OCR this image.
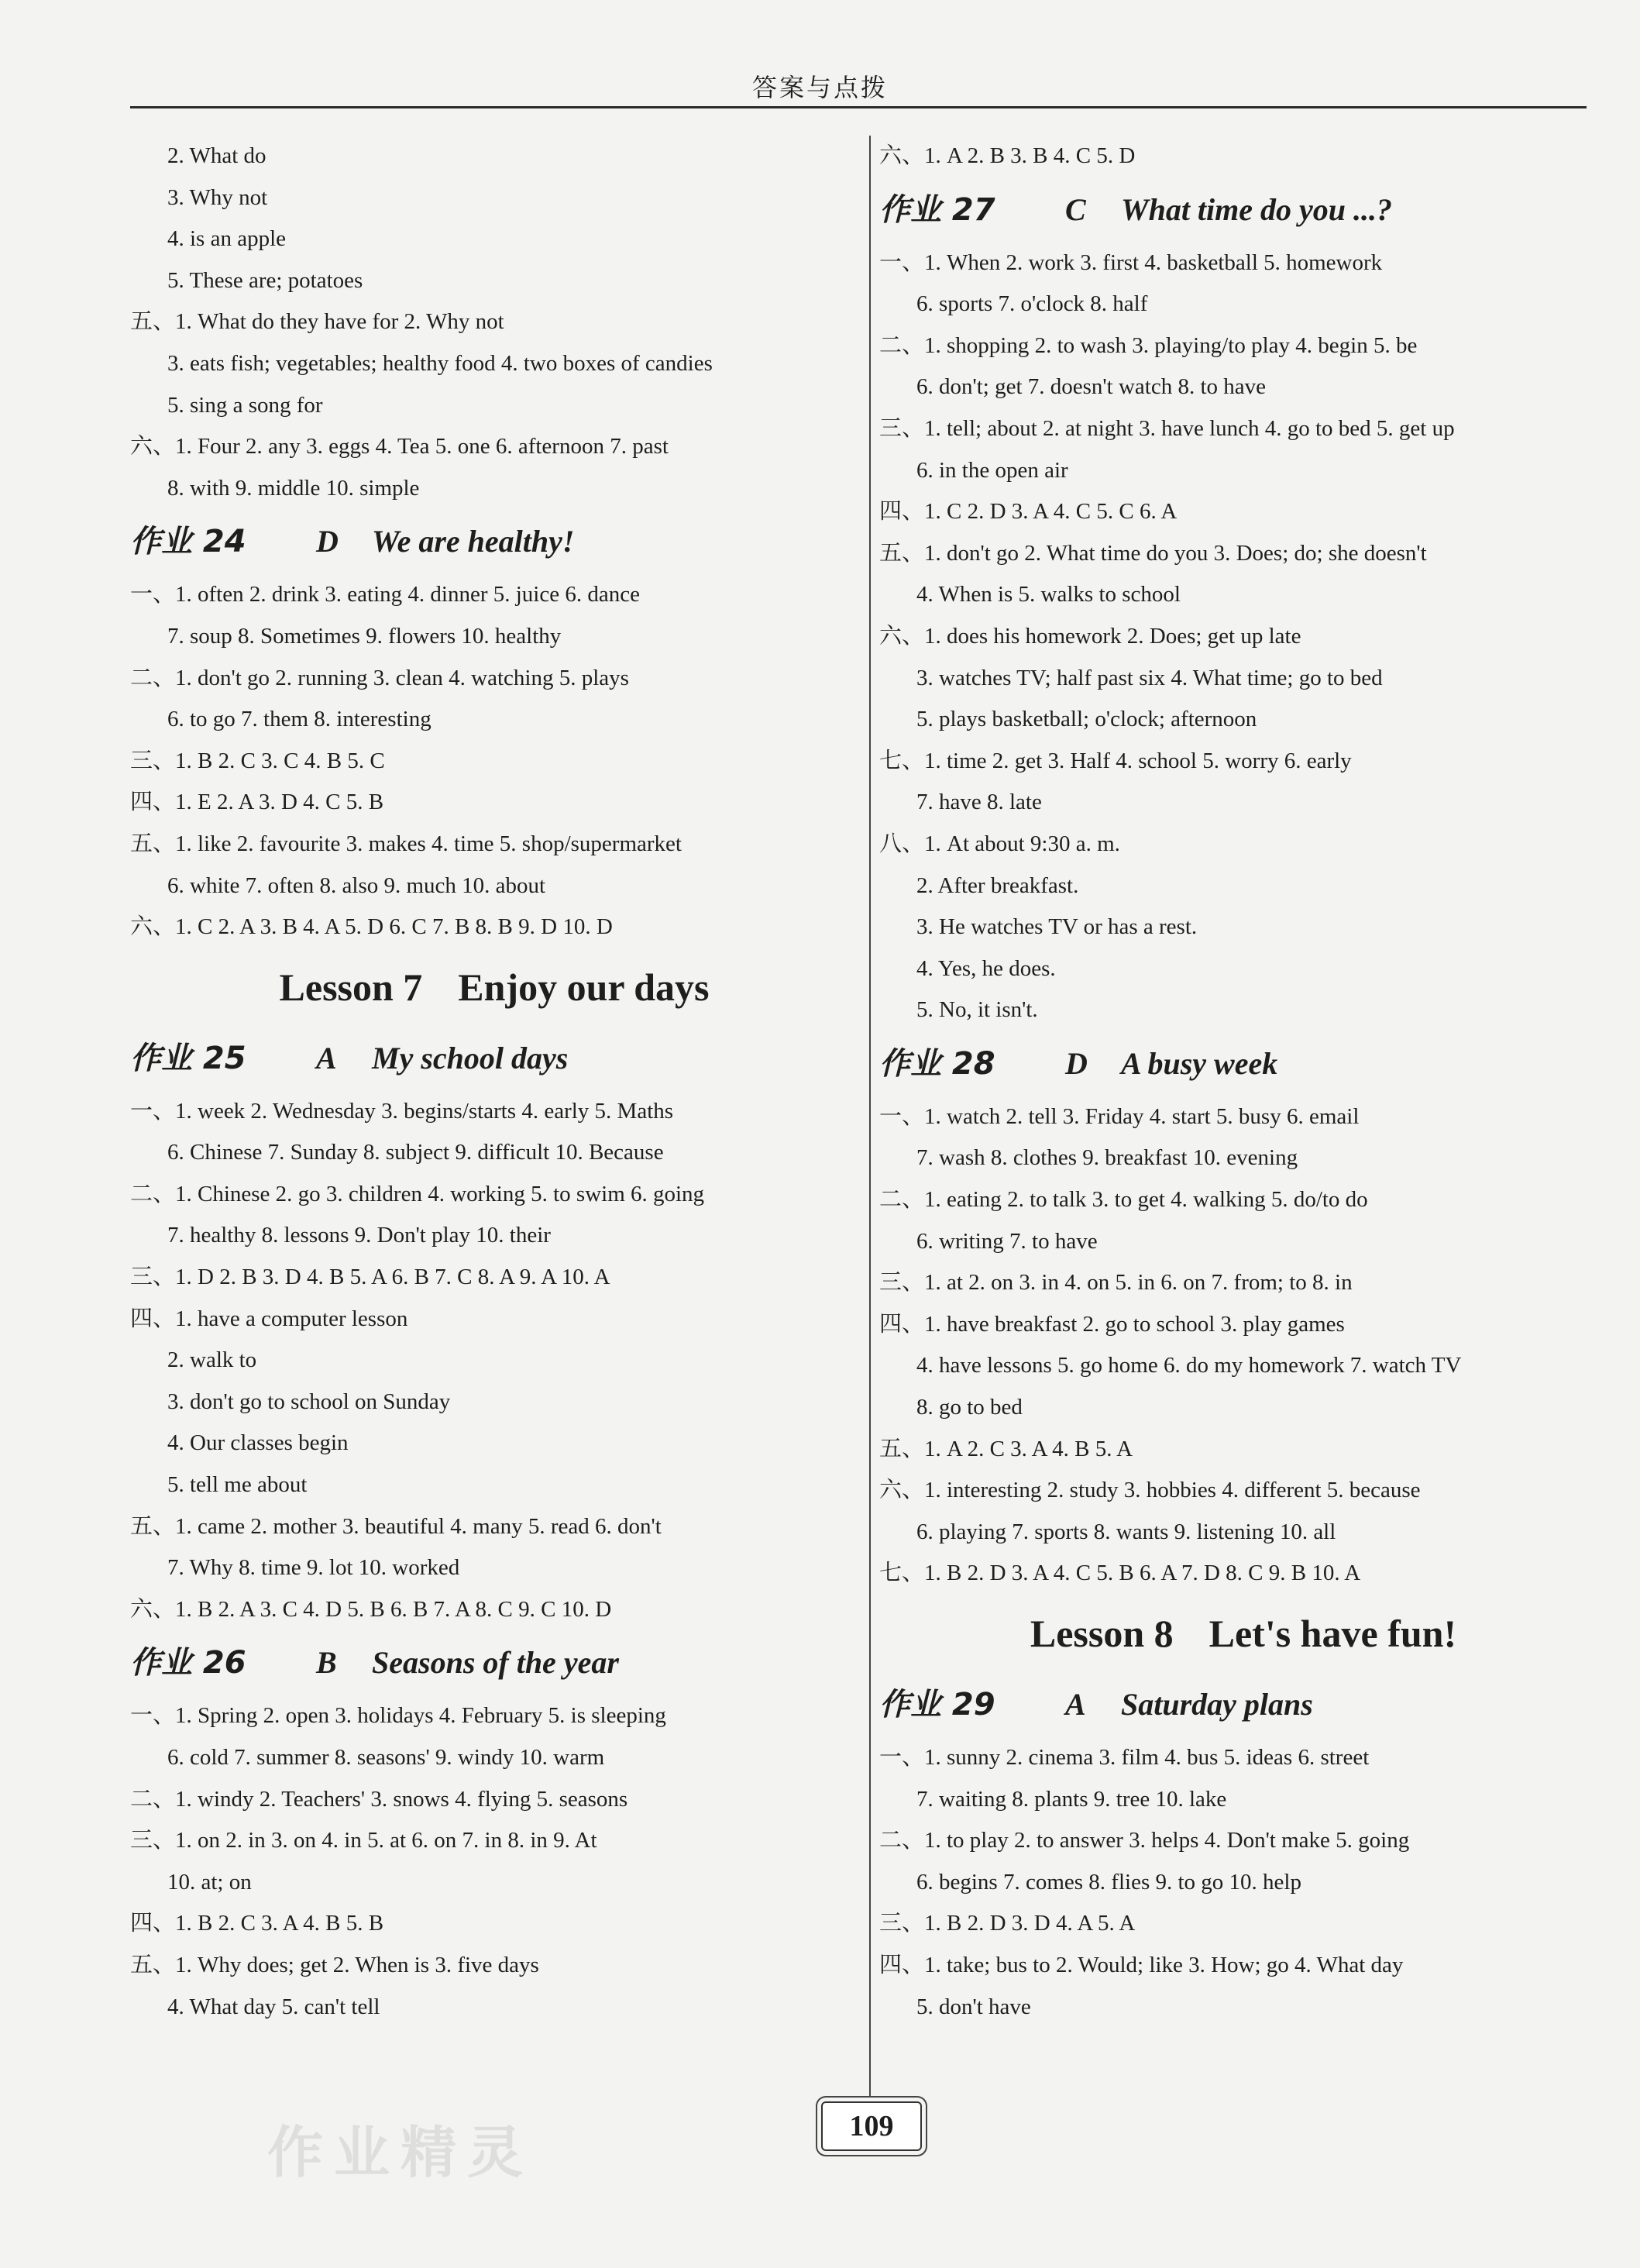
答案与点拨
2. What do
3. Why not
4. is an apple
5. These are; potatoes
五、1. What do they have for 2. Why not
3. eats fish; vegetables; healthy food 4. two boxes of candies
5. sing a song for
六、1. Four 2. any 3. eggs 4. Tea 5. one 6. afternoon 7. past
8. with 9. middle 10. simple
作业 24	D	We are healthy!
一、1. often 2. drink 3. eating 4. dinner 5. juice 6. dance
7. soup 8. Sometimes 9. flowers 10. healthy
二、1. don't go 2. running 3. clean 4. watching 5. plays
6. to go 7. them 8. interesting
三、1. B 2. C 3. C 4. B 5. C
四、1. E 2. A 3. D 4. C 5. B
五、1. like 2. favourite 3. makes 4. time 5. shop/supermarket
6. white 7. often 8. also 9. much 10. about
六、1. C 2. A 3. B 4. A 5. D 6. C 7. B 8. B 9. D 10. D
Lesson 7 Enjoy our days
作业 25	A	My school days
一、1. week 2. Wednesday 3. begins/starts 4. early 5. Maths
6. Chinese 7. Sunday 8. subject 9. difficult 10. Because
二、1. Chinese 2. go 3. children 4. working 5. to swim 6. going
7. healthy 8. lessons 9. Don't play 10. their
三、1. D 2. B 3. D 4. B 5. A 6. B 7. C 8. A 9. A 10. A
四、1. have a computer lesson
2. walk to
3. don't go to school on Sunday
4. Our classes begin
5. tell me about
五、1. came 2. mother 3. beautiful 4. many 5. read 6. don't
7. Why 8. time 9. lot 10. worked
六、1. B 2. A 3. C 4. D 5. B 6. B 7. A 8. C 9. C 10. D
作业 26	B	Seasons of the year
一、1. Spring 2. open 3. holidays 4. February 5. is sleeping
6. cold 7. summer 8. seasons' 9. windy 10. warm
二、1. windy 2. Teachers' 3. snows 4. flying 5. seasons
三、1. on 2. in 3. on 4. in 5. at 6. on 7. in 8. in 9. At
10. at; on
四、1. B 2. C 3. A 4. B 5. B
五、1. Why does; get 2. When is 3. five days
4. What day 5. can't tell
六、1. A 2. B 3. B 4. C 5. D
作业 27	C	What time do you ...?
一、1. When 2. work 3. first 4. basketball 5. homework
6. sports 7. o'clock 8. half
二、1. shopping 2. to wash 3. playing/to play 4. begin 5. be
6. don't; get 7. doesn't watch 8. to have
三、1. tell; about 2. at night 3. have lunch 4. go to bed 5. get up
6. in the open air
四、1. C 2. D 3. A 4. C 5. C 6. A
五、1. don't go 2. What time do you 3. Does; do; she doesn't
4. When is 5. walks to school
六、1. does his homework 2. Does; get up late
3. watches TV; half past six 4. What time; go to bed
5. plays basketball; o'clock; afternoon
七、1. time 2. get 3. Half 4. school 5. worry 6. early
7. have 8. late
八、1. At about 9:30 a. m.
2. After breakfast.
3. He watches TV or has a rest.
4. Yes, he does.
5. No, it isn't.
作业 28	D	A busy week
一、1. watch 2. tell 3. Friday 4. start 5. busy 6. email
7. wash 8. clothes 9. breakfast 10. evening
二、1. eating 2. to talk 3. to get 4. walking 5. do/to do
6. writing 7. to have
三、1. at 2. on 3. in 4. on 5. in 6. on 7. from; to 8. in
四、1. have breakfast 2. go to school 3. play games
4. have lessons 5. go home 6. do my homework 7. watch TV
8. go to bed
五、1. A 2. C 3. A 4. B 5. A
六、1. interesting 2. study 3. hobbies 4. different 5. because
6. playing 7. sports 8. wants 9. listening 10. all
七、1. B 2. D 3. A 4. C 5. B 6. A 7. D 8. C 9. B 10. A
Lesson 8 Let's have fun!
作业 29	A	Saturday plans
一、1. sunny 2. cinema 3. film 4. bus 5. ideas 6. street
7. waiting 8. plants 9. tree 10. lake
二、1. to play 2. to answer 3. helps 4. Don't make 5. going
6. begins 7. comes 8. flies 9. to go 10. help
三、1. B 2. D 3. D 4. A 5. A
四、1. take; bus to 2. Would; like 3. How; go 4. What day
5. don't have
作业精灵	109
